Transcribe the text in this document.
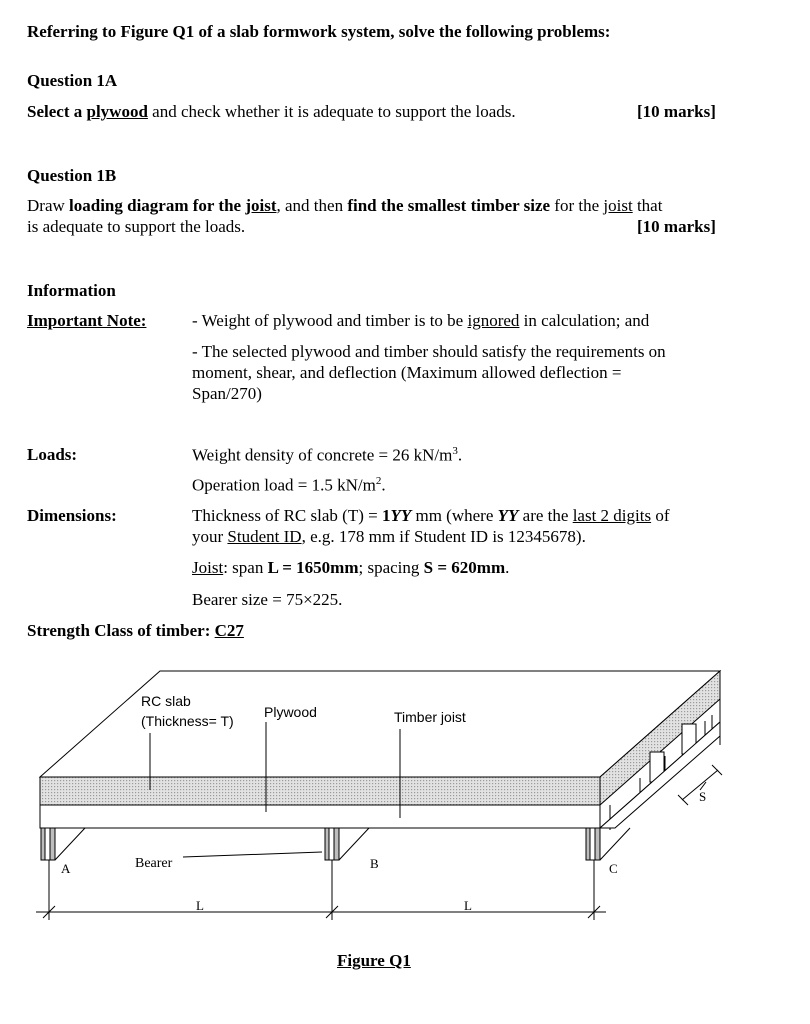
Referring to Figure Q1 of a slab formwork system, solve the following problems:
Question 1A
Select a plywood and check whether it is adequate to support the loads.	[10 marks]
Question 1B
Draw loading diagram for the joist, and then find the smallest timber size for the joist that
is adequate to support the loads.	[10 marks]
Information
Important Note:	- Weight of plywood and timber is to be ignored in calculation; and
- The selected plywood and timber should satisfy the requirements on
moment, shear, and deflection (Maximum allowed deflection =
Span/270)
Loads:	Weight density of concrete = 26 $kN/m^3$.
Operation load = 1.5 $kN/m^2$.
Dimensions:	Thickness of RC slab (T) = 1YY mm (where YY are the last 2 digits of
your Student ID, e.g. 178 mm if Student ID is 12345678).
Joist: span L = 1650mm; spacing S = 620mm.
Bearer size = 75×225.
Strength Class of timber: C27
RC slab
(Thickness= T)
Plywood	Timber joist
Bearer
A	B	C
L	L
S
Figure Q1
